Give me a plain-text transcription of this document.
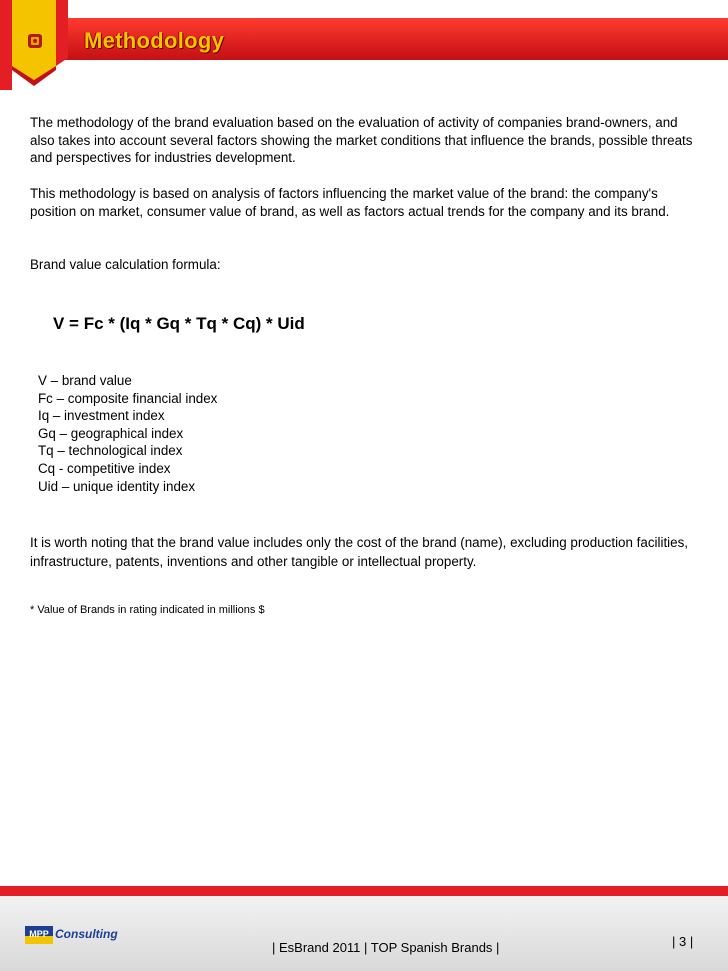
Methodology

The methodology of the brand evaluation based on the evaluation of activity of companies brand-owners, and also takes into account several factors showing the market conditions that influence the brands, possible threats and perspectives for industries development.

This methodology is based on analysis of factors influencing the market value of the brand: the company's position on market, consumer value of brand, as well as factors actual trends for the company and its brand.

Brand value calculation formula:

V = Fc * (Iq * Gq * Tq * Cq) * Uid
V – brand value
Fc – composite financial index
Iq – investment index
Gq – geographical index
Tq – technological index
Cq - competitive index
Uid – unique identity index

It is worth noting that the brand value includes only the cost of the brand (name), excluding production facilities, infrastructure, patents, inventions and other tangible or intellectual property.

* Value of Brands in rating indicated in millions $
MPP Consulting
| EsBrand 2011 | TOP Spanish Brands |	| 3 |
